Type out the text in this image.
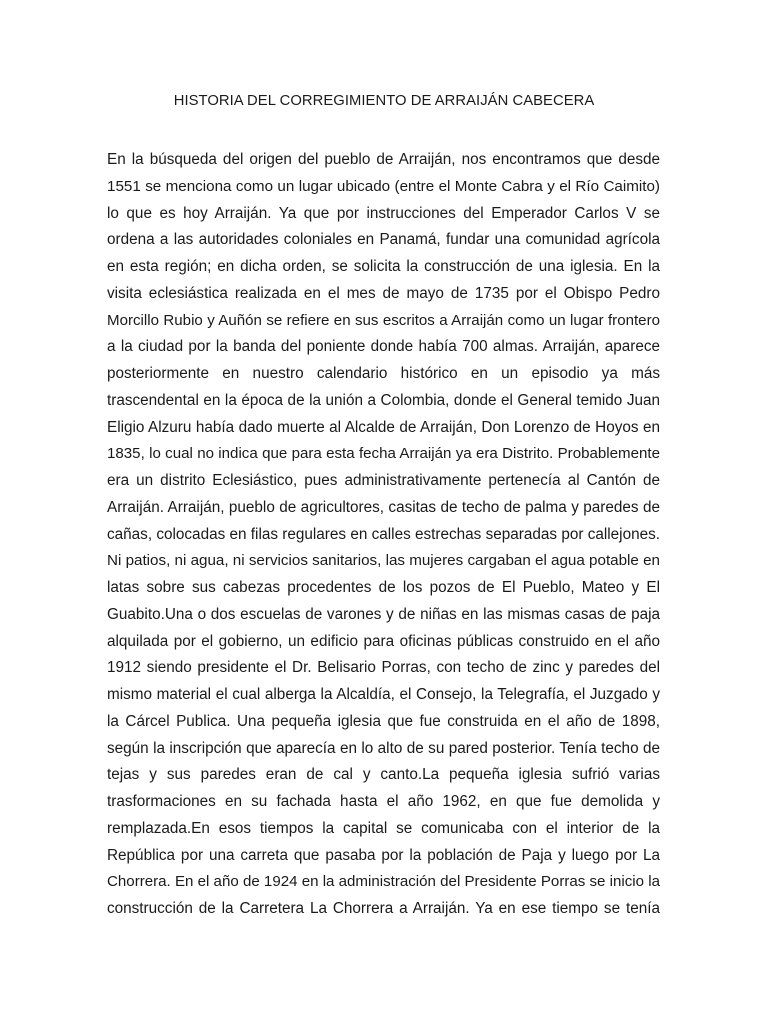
HISTORIA DEL CORREGIMIENTO DE ARRAIJÁN CABECERA
En la búsqueda del origen del pueblo de Arraiján, nos encontramos que desde
1551 se menciona como un lugar ubicado (entre el Monte Cabra y el Río Caimito)
lo que es hoy Arraiján. Ya que por instrucciones del Emperador Carlos V se
ordena a las autoridades coloniales en Panamá, fundar una comunidad agrícola
en esta región; en dicha orden, se solicita la construcción de una iglesia. En la
visita eclesiástica realizada en el mes de mayo de 1735 por el Obispo Pedro
Morcillo Rubio y Auñón se refiere en sus escritos a Arraiján como un lugar frontero
a la ciudad por la banda del poniente donde había 700 almas. Arraiján, aparece
posteriormente en nuestro calendario histórico en un episodio ya más
trascendental en la época de la unión a Colombia, donde el General temido Juan
Eligio Alzuru había dado muerte al Alcalde de Arraiján, Don Lorenzo de Hoyos en
1835, lo cual no indica que para esta fecha Arraiján ya era Distrito. Probablemente
era un distrito Eclesiástico, pues administrativamente pertenecía al Cantón de
Arraiján. Arraiján, pueblo de agricultores, casitas de techo de palma y paredes de
cañas, colocadas en filas regulares en calles estrechas separadas por callejones.
Ni patios, ni agua, ni servicios sanitarios, las mujeres cargaban el agua potable en
latas sobre sus cabezas procedentes de los pozos de El Pueblo, Mateo y El
Guabito.Una o dos escuelas de varones y de niñas en las mismas casas de paja
alquilada por el gobierno, un edificio para oficinas públicas construido en el año
1912 siendo presidente el Dr. Belisario Porras, con techo de zinc y paredes del
mismo material el cual alberga la Alcaldía, el Consejo, la Telegrafía, el Juzgado y
la Cárcel Publica. Una pequeña iglesia que fue construida en el año de 1898,
según la inscripción que aparecía en lo alto de su pared posterior. Tenía techo de
tejas y sus paredes eran de cal y canto.La pequeña iglesia sufrió varias
trasformaciones en su fachada hasta el año 1962, en que fue demolida y
remplazada.En esos tiempos la capital se comunicaba con el interior de la
República por una carreta que pasaba por la población de Paja y luego por La
Chorrera. En el año de 1924 en la administración del Presidente Porras se inicio la
construcción de la Carretera La Chorrera a Arraiján. Ya en ese tiempo se tenía
